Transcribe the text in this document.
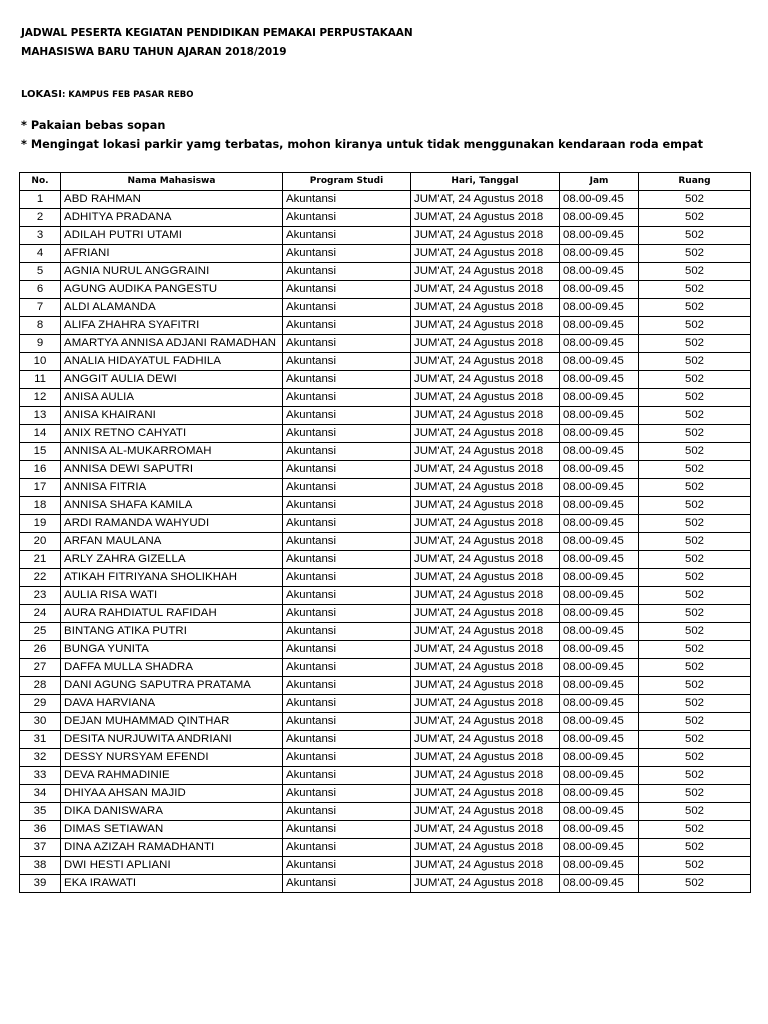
JADWAL PESERTA KEGIATAN PENDIDIKAN PEMAKAI PERPUSTAKAAN
MAHASISWA BARU TAHUN AJARAN 2018/2019
LOKASI: KAMPUS FEB PASAR REBO
* Pakaian bebas sopan
* Mengingat lokasi parkir yamg terbatas, mohon kiranya untuk tidak menggunakan kendaraan roda empat
No.	Nama Mahasiswa	Program Studi	Hari, Tanggal	Jam	Ruang
1	ABD RAHMAN	Akuntansi	JUM'AT, 24 Agustus 2018	08.00-09.45	502
2	ADHITYA PRADANA	Akuntansi	JUM'AT, 24 Agustus 2018	08.00-09.45	502
3	ADILAH PUTRI UTAMI	Akuntansi	JUM'AT, 24 Agustus 2018	08.00-09.45	502
4	AFRIANI	Akuntansi	JUM'AT, 24 Agustus 2018	08.00-09.45	502
5	AGNIA NURUL ANGGRAINI	Akuntansi	JUM'AT, 24 Agustus 2018	08.00-09.45	502
6	AGUNG AUDIKA PANGESTU	Akuntansi	JUM'AT, 24 Agustus 2018	08.00-09.45	502
7	ALDI ALAMANDA	Akuntansi	JUM'AT, 24 Agustus 2018	08.00-09.45	502
8	ALIFA ZHAHRA SYAFITRI	Akuntansi	JUM'AT, 24 Agustus 2018	08.00-09.45	502
9	AMARTYA ANNISA ADJANI RAMADHAN	Akuntansi	JUM'AT, 24 Agustus 2018	08.00-09.45	502
10	ANALIA HIDAYATUL FADHILA	Akuntansi	JUM'AT, 24 Agustus 2018	08.00-09.45	502
11	ANGGIT AULIA DEWI	Akuntansi	JUM'AT, 24 Agustus 2018	08.00-09.45	502
12	ANISA AULIA	Akuntansi	JUM'AT, 24 Agustus 2018	08.00-09.45	502
13	ANISA KHAIRANI	Akuntansi	JUM'AT, 24 Agustus 2018	08.00-09.45	502
14	ANIX RETNO CAHYATI	Akuntansi	JUM'AT, 24 Agustus 2018	08.00-09.45	502
15	ANNISA AL-MUKARROMAH	Akuntansi	JUM'AT, 24 Agustus 2018	08.00-09.45	502
16	ANNISA DEWI SAPUTRI	Akuntansi	JUM'AT, 24 Agustus 2018	08.00-09.45	502
17	ANNISA FITRIA	Akuntansi	JUM'AT, 24 Agustus 2018	08.00-09.45	502
18	ANNISA SHAFA KAMILA	Akuntansi	JUM'AT, 24 Agustus 2018	08.00-09.45	502
19	ARDI RAMANDA WAHYUDI	Akuntansi	JUM'AT, 24 Agustus 2018	08.00-09.45	502
20	ARFAN MAULANA	Akuntansi	JUM'AT, 24 Agustus 2018	08.00-09.45	502
21	ARLY ZAHRA GIZELLA	Akuntansi	JUM'AT, 24 Agustus 2018	08.00-09.45	502
22	ATIKAH FITRIYANA SHOLIKHAH	Akuntansi	JUM'AT, 24 Agustus 2018	08.00-09.45	502
23	AULIA RISA WATI	Akuntansi	JUM'AT, 24 Agustus 2018	08.00-09.45	502
24	AURA RAHDIATUL RAFIDAH	Akuntansi	JUM'AT, 24 Agustus 2018	08.00-09.45	502
25	BINTANG ATIKA PUTRI	Akuntansi	JUM'AT, 24 Agustus 2018	08.00-09.45	502
26	BUNGA YUNITA	Akuntansi	JUM'AT, 24 Agustus 2018	08.00-09.45	502
27	DAFFA MULLA SHADRA	Akuntansi	JUM'AT, 24 Agustus 2018	08.00-09.45	502
28	DANI AGUNG SAPUTRA PRATAMA	Akuntansi	JUM'AT, 24 Agustus 2018	08.00-09.45	502
29	DAVA HARVIANA	Akuntansi	JUM'AT, 24 Agustus 2018	08.00-09.45	502
30	DEJAN MUHAMMAD QINTHAR	Akuntansi	JUM'AT, 24 Agustus 2018	08.00-09.45	502
31	DESITA NURJUWITA ANDRIANI	Akuntansi	JUM'AT, 24 Agustus 2018	08.00-09.45	502
32	DESSY NURSYAM EFENDI	Akuntansi	JUM'AT, 24 Agustus 2018	08.00-09.45	502
33	DEVA RAHMADINIE	Akuntansi	JUM'AT, 24 Agustus 2018	08.00-09.45	502
34	DHIYAA AHSAN MAJID	Akuntansi	JUM'AT, 24 Agustus 2018	08.00-09.45	502
35	DIKA DANISWARA	Akuntansi	JUM'AT, 24 Agustus 2018	08.00-09.45	502
36	DIMAS SETIAWAN	Akuntansi	JUM'AT, 24 Agustus 2018	08.00-09.45	502
37	DINA AZIZAH RAMADHANTI	Akuntansi	JUM'AT, 24 Agustus 2018	08.00-09.45	502
38	DWI HESTI APLIANI	Akuntansi	JUM'AT, 24 Agustus 2018	08.00-09.45	502
39	EKA IRAWATI	Akuntansi	JUM'AT, 24 Agustus 2018	08.00-09.45	502
